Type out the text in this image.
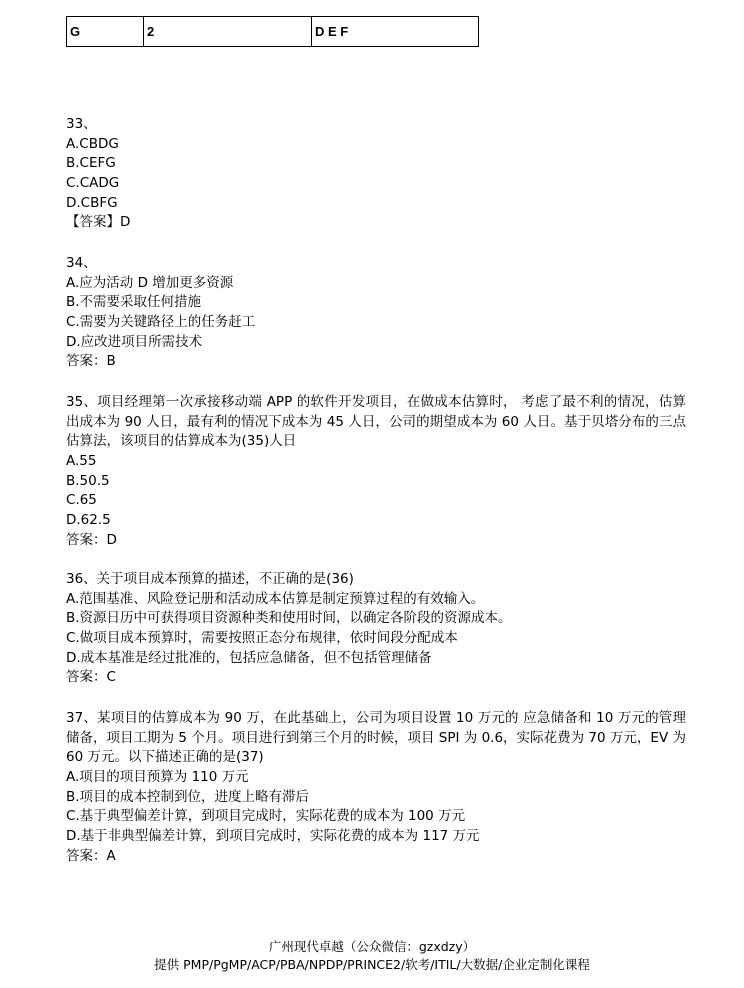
G	2	D E F
33、
A.CBDG
B.CEFG
C.CADG
D.CBFG
【答案】D
34、
A.应为活动 D 增加更多资源
B.不需要采取任何措施
C.需要为关键路径上的任务赶工
D.应改进项目所需技术
答案：B
35、项目经理第一次承接移动端 APP 的软件开发项目，在做成本估算时， 考虑了最不利的情况，估算出成本为 90 人日，最有利的情况下成本为 45 人日，公司的期望成本为 60 人日。基于贝塔分布的三点估算法，该项目的估算成本为(35)人日
A.55
B.50.5
C.65
D.62.5
答案：D
36、关于项目成本预算的描述，不正确的是(36)
A.范围基准、风险登记册和活动成本估算是制定预算过程的有效输入。
B.资源日历中可获得项目资源种类和使用时间，以确定各阶段的资源成本。
C.做项目成本预算时，需要按照正态分布规律，依时间段分配成本
D.成本基准是经过批准的，包括应急储备，但不包括管理储备
答案：C
37、某项目的估算成本为 90 万，在此基础上，公司为项目设置 10 万元的 应急储备和 10 万元的管理储备，项目工期为 5 个月。项目进行到第三个月的时候，项目 SPI 为 0.6，实际花费为 70 万元，EV 为 60 万元。以下描述正确的是(37)
A.项目的项目预算为 110 万元
B.项目的成本控制到位，进度上略有滞后
C.基于典型偏差计算，到项目完成时，实际花费的成本为 100 万元
D.基于非典型偏差计算，到项目完成时，实际花费的成本为 117 万元
答案：A
广州现代卓越（公众微信：gzxdzy）
提供 PMP/PgMP/ACP/PBA/NPDP/PRINCE2/软考/ITIL/大数据/企业定制化课程
